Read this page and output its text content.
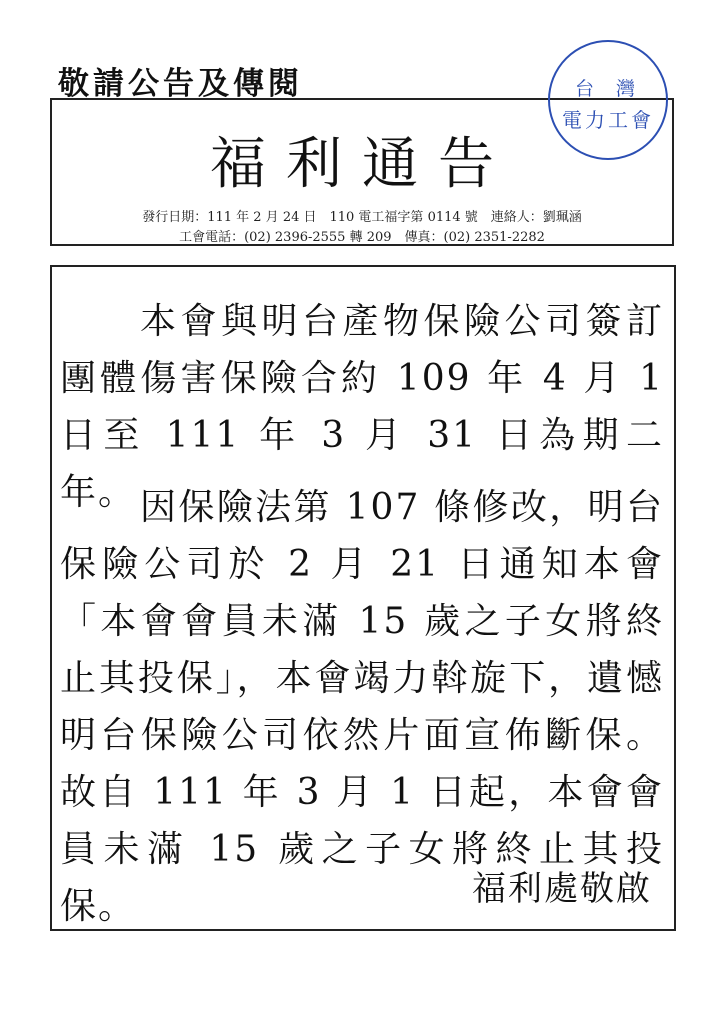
敬請公告及傳閱
福利通告
發行日期：111 年 2 月 24 日　110 電工福字第 0114 號　連絡人：劉珮涵
工會電話：(02) 2396-2555 轉 209　傳真：(02) 2351-2282
台灣
電力工會

本會與明台產物保險公司簽訂團體傷害保險合約 109 年 4 月 1 日至 111 年 3 月 31 日為期二年。 因保險法第 107 條修改，明台保險公司於 2 月 21 日通知本會「本會會員未滿 15 歲之子女將終止其投保」，本會竭力斡旋下，遺憾明台保險公司依然片面宣佈斷保。故自 111 年 3 月 1 日起，本會會員未滿 15 歲之子女將終止其投保。	福利處敬啟
